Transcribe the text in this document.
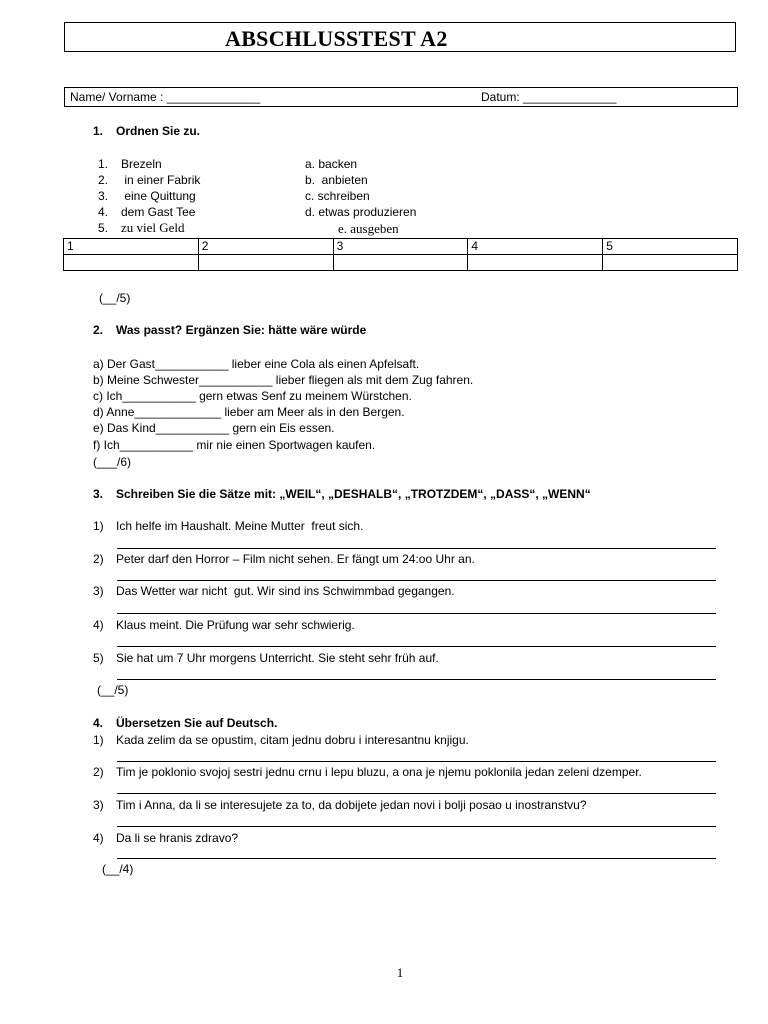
ABSCHLUSSTEST A2
Name/ Vorname : ______________	Datum: ______________
1. Ordnen Sie zu.
1. Brezeln
2. in einer Fabrik
3. eine Quittung
4. dem Gast Tee
5. zu viel Geld
a. backen
b.  anbieten
c. schreiben
d. etwas produzieren
e. ausgeben
1	2	3	4	5

(__/5)
2. Was passt? Ergänzen Sie: hätte wäre würde
a) Der Gast___________ lieber eine Cola als einen Apfelsaft.
b) Meine Schwester___________ lieber fliegen als mit dem Zug fahren.
c) Ich___________ gern etwas Senf zu meinem Würstchen.
d) Anne_____________ lieber am Meer als in den Bergen.
e) Das Kind___________ gern ein Eis essen.
f) Ich___________ mir nie einen Sportwagen kaufen.
(___/6)
3. Schreiben Sie die Sätze mit: „WEIL“, „DESHALB“, „TROTZDEM“, „DASS“, „WENN“
1) Ich helfe im Haushalt. Meine Mutter  freut sich.
2) Peter darf den Horror – Film nicht sehen. Er fängt um 24:oo Uhr an.
3) Das Wetter war nicht  gut. Wir sind ins Schwimmbad gegangen.
4) Klaus meint. Die Prüfung war sehr schwierig.
5) Sie hat um 7 Uhr morgens Unterricht. Sie steht sehr früh auf.
(__/5)
4. Übersetzen Sie auf Deutsch.
1) Kada zelim da se opustim, citam jednu dobru i interesantnu knjigu.
2) Tim je poklonio svojoj sestri jednu crnu i lepu bluzu, a ona je njemu poklonila jedan zeleni dzemper.
3) Tim i Anna, da li se interesujete za to, da dobijete jedan novi i bolji posao u inostranstvu?
4) Da li se hranis zdravo?
(__/4)
1
